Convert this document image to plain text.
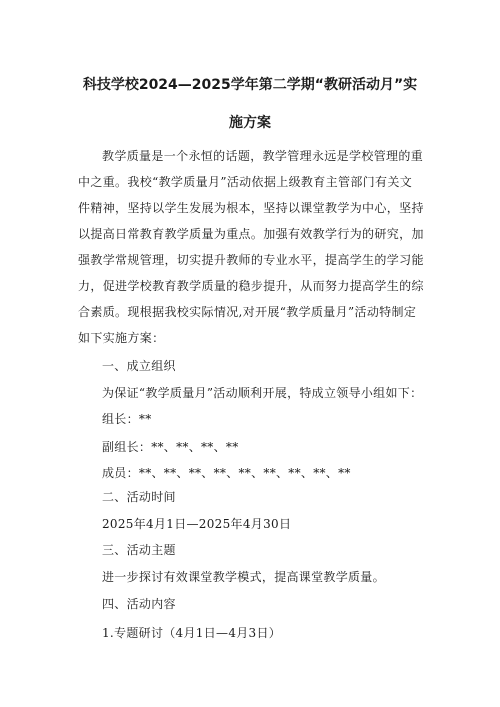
科技学校2024—2025学年第二学期“教研活动月”实
施方案

教学质量是一个永恒的话题，教学管理永远是学校管理的重

中之重。我校“教学质量月”活动依据上级教育主管部门有关文

件精神，坚持以学生发展为根本，坚持以课堂教学为中心，坚持

以提高日常教育教学质量为重点。加强有效教学行为的研究，加

强教学常规管理，切实提升教师的专业水平，提高学生的学习能

力，促进学校教育教学质量的稳步提升，从而努力提高学生的综

合素质。现根据我校实际情况,对开展“教学质量月”活动特制定

如下实施方案：

一、成立组织

为保证“教学质量月”活动顺利开展，特成立领导小组如下：

组长：**

副组长：**、**、**、**

成员：**、**、**、**、**、**、**、**、**

二、活动时间

2025年4月1日—2025年4月30日

三、活动主题

进一步探讨有效课堂教学模式，提高课堂教学质量。

四、活动内容

1.专题研讨（4月1日—4月3日）
